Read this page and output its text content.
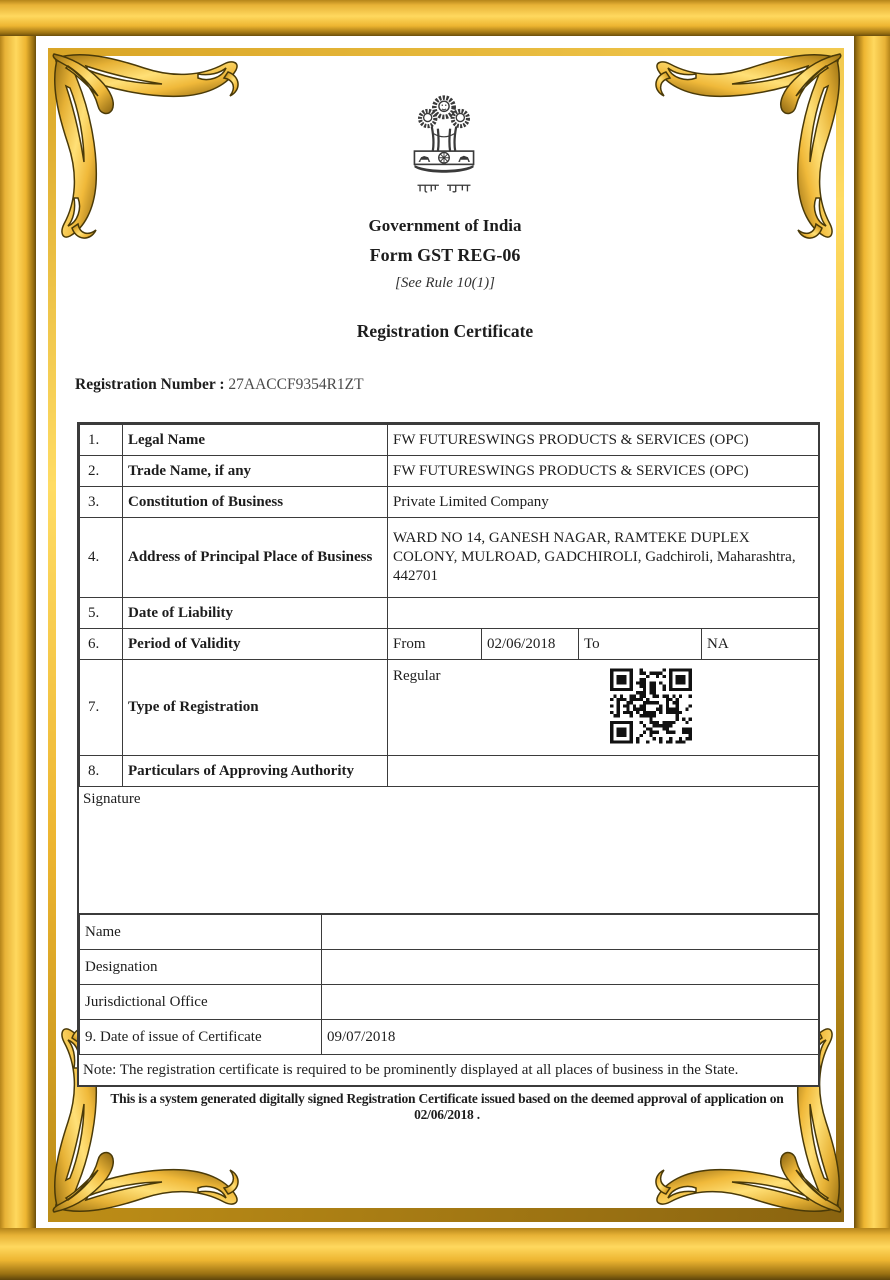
Government of India
Form GST REG-06
[See Rule 10(1)]
Registration Certificate
Registration Number : 27AACCF9354R1ZT
1.	Legal Name	FW FUTURESWINGS PRODUCTS & SERVICES (OPC)			
2.	Trade Name, if any	FW FUTURESWINGS PRODUCTS & SERVICES (OPC)			
3.	Constitution of Business	Private Limited Company			
4.	Address of Principal Place of Business	WARD NO 14, GANESH NAGAR, RAMTEKE DUPLEX COLONY, MULROAD, GADCHIROLI, Gadchiroli, Maharashtra, 442701			
5.	Date of Liability				
6.	Period of Validity	From	02/06/2018	To	NA
7.	Type of Registration	Regular			

8.	Particulars of Approving Authority				
Signature
Name	
Designation	
Jurisdictional Office	
9. Date of issue of Certificate	09/07/2018
Note: The registration certificate is required to be prominently displayed at all places of business in the State.
This is a system generated digitally signed Registration Certificate issued based on the deemed approval of application on 02/06/2018 .
